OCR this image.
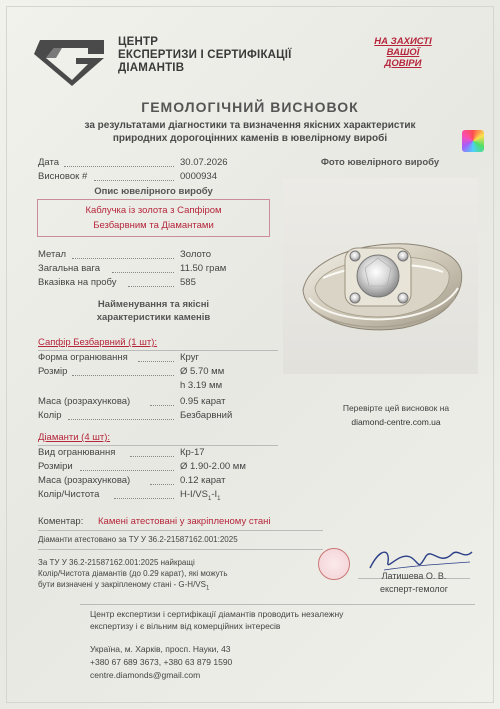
ЦЕНТР
ЕКСПЕРТИЗИ І СЕРТИФІКАЦІЇ
ДІАМАНТІВ
НА ЗАХИСТІ
ВАШОЇ
ДОВІРИ
ГЕМОЛОГІЧНИЙ ВИСНОВОК
за результатами діагностики та визначення якісних характеристик
природних дорогоцінних каменів в ювелірному виробі
Дата	30.07.2026
Висновок #	0000934
Фото ювелірного виробу
Опис ювелірного виробу
Каблучка із золота з Сапфіром
Безбарвним та Діамантами
Метал	Золото
Загальна вага	11.50 грам
Вказівка на пробу	585
Найменування та якісні
характеристики каменів
Сапфір Безбарвний (1 шт):
Форма огранювання	Круг
Розмір	Ø 5.70 мм
h 3.19 мм
Маса (розрахункова)	0.95 карат
Колір	Безбарвний
Перевірте цей висновок на
diamond-centre.com.ua
Діаманти (4 шт):
Вид огранювання	Кр-17
Розміри	Ø 1.90-2.00 мм
Маса (розрахункова)	0.12 карат
Колір/Чистота	$H-I/VS_1-I_1$
Коментар: Камені атестовані у закріпленому стані
Діаманти атестовано за ТУ У 36.2-21587162.001:2025
За ТУ У 36.2-21587162.001:2025 найкращі
Колір/Чистота діамантів (до 0.29 карат), які можуть
бути визначені у закріпленому стані - $G-H/VS_1$
Латишева О. В.
експерт-гемолог
Центр експертизи і сертифікації діамантів проводить незалежну
експертизу і є вільним від комерційних інтересів
Україна, м. Харків, просп. Науки, 43
+380 67 689 3673, +380 63 879 1590
centre.diamonds@gmail.com
